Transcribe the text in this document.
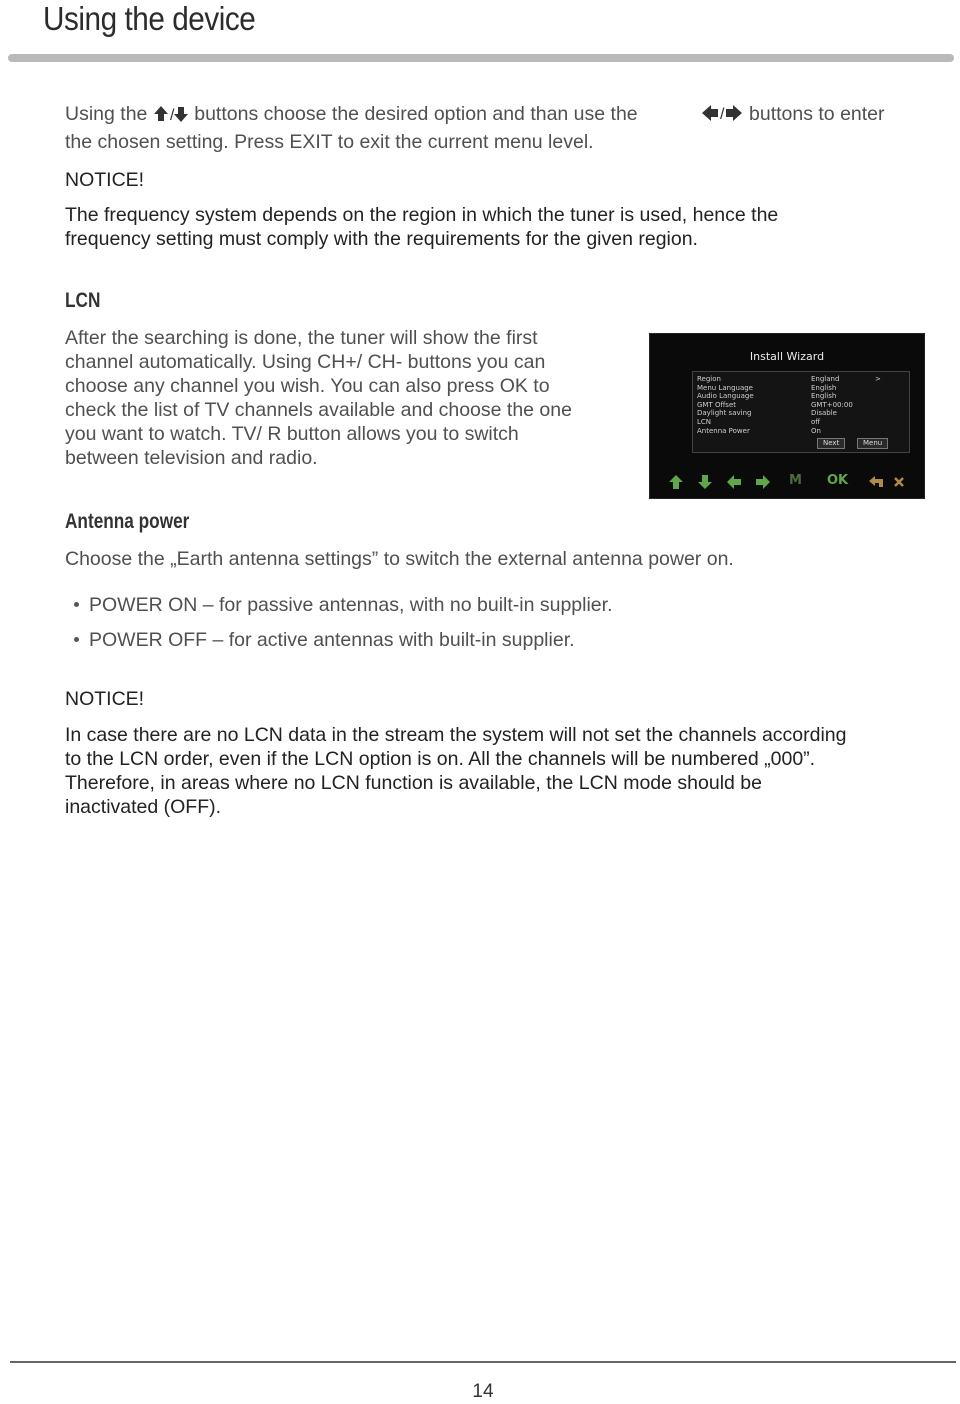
Using the device
Using the / buttons choose the desired option and than use the	/ buttons to enter
the chosen setting. Press EXIT to exit the current menu level.
NOTICE!
The frequency system depends on the region in which the tuner is used, hence the
frequency setting must comply with the requirements for the given region.
LCN
After the searching is done, the tuner will show the first
channel automatically. Using CH+/ CH- buttons you can
choose any channel you wish. You can also press OK to
check the list of TV channels available and choose the one
you want to watch. TV/ R button allows you to switch
between television and radio.
Install Wizard
Region
Menu Language
Audio Language
GMT Offset
Daylight saving
LCN
Antenna Power
England
English
English
GMT+00:00
Disable
off
On
>
Next	Menu
M OK
Antenna power
Choose the „Earth antenna settings” to switch the external antenna power on.
POWER ON – for passive antennas, with no built-in supplier.
POWER OFF – for active antennas with built-in supplier.
NOTICE!
In case there are no LCN data in the stream the system will not set the channels according
to the LCN order, even if the LCN option is on. All the channels will be numbered „000”.
Therefore, in areas where no LCN function is available, the LCN mode should be
inactivated (OFF).
14
